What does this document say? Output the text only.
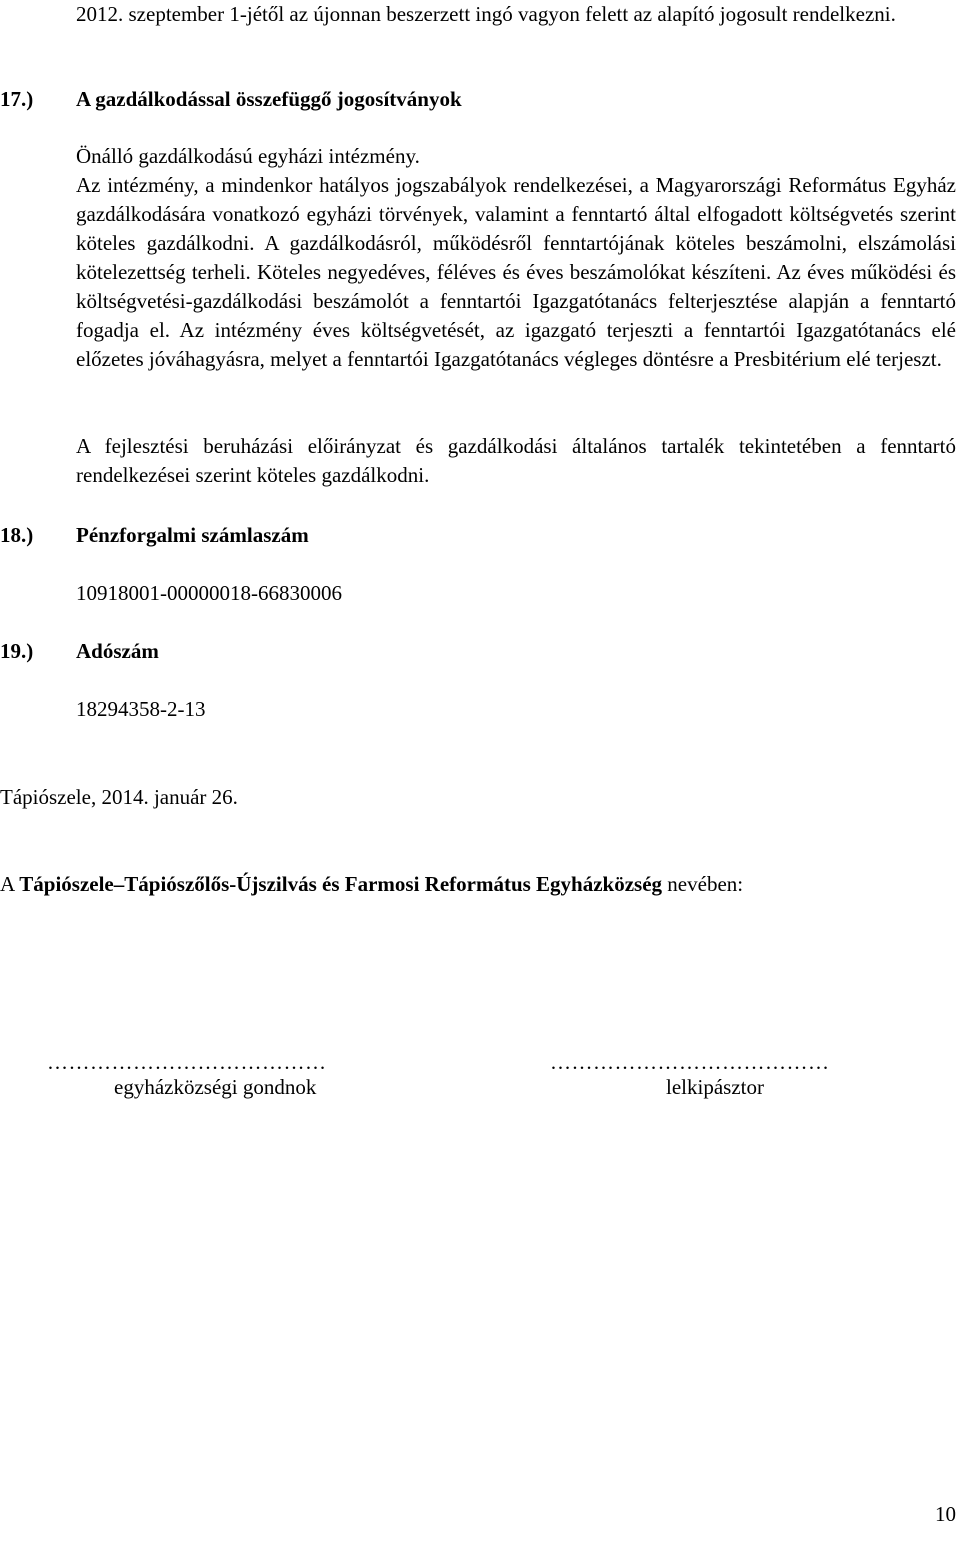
2012. szeptember 1-jétől az újonnan beszerzett ingó vagyon felett az alapító jogosult rendelkezni.

17.) A gazdálkodással összefüggő jogosítványok

Önálló gazdálkodású egyházi intézmény.

Az intézmény, a mindenkor hatályos jogszabályok rendelkezései, a Magyarországi Református Egyház gazdálkodására vonatkozó egyházi törvények, valamint a fenntartó által elfogadott költségvetés szerint köteles gazdálkodni. A gazdálkodásról, működésről fenntartójának köteles beszámolni, elszámolási kötelezettség terheli. Köteles negyedéves, féléves és éves beszámolókat készíteni. Az éves működési és költségvetési-gazdálkodási beszámolót a fenntartói Igazgatótanács felterjesztése alapján a fenntartó fogadja el. Az intézmény éves költségvetését, az igazgató terjeszti a fenntartói Igazgatótanács elé előzetes jóváhagyásra, melyet a fenntartói Igazgatótanács végleges döntésre a Presbitérium elé terjeszt.

A fejlesztési beruházási előirányzat és gazdálkodási általános tartalék tekintetében a fenntartó rendelkezései szerint köteles gazdálkodni.

18.) Pénzforgalmi számlaszám
10918001-00000018-66830006
19.) Adószám
18294358-2-13
Tápiószele, 2014. január 26.
A Tápiószele–Tápiószőlős-Újszilvás és Farmosi Református Egyházközség nevében:
…………………………………
egyházközségi gondnok
…………………………………
lelkipásztor
10
